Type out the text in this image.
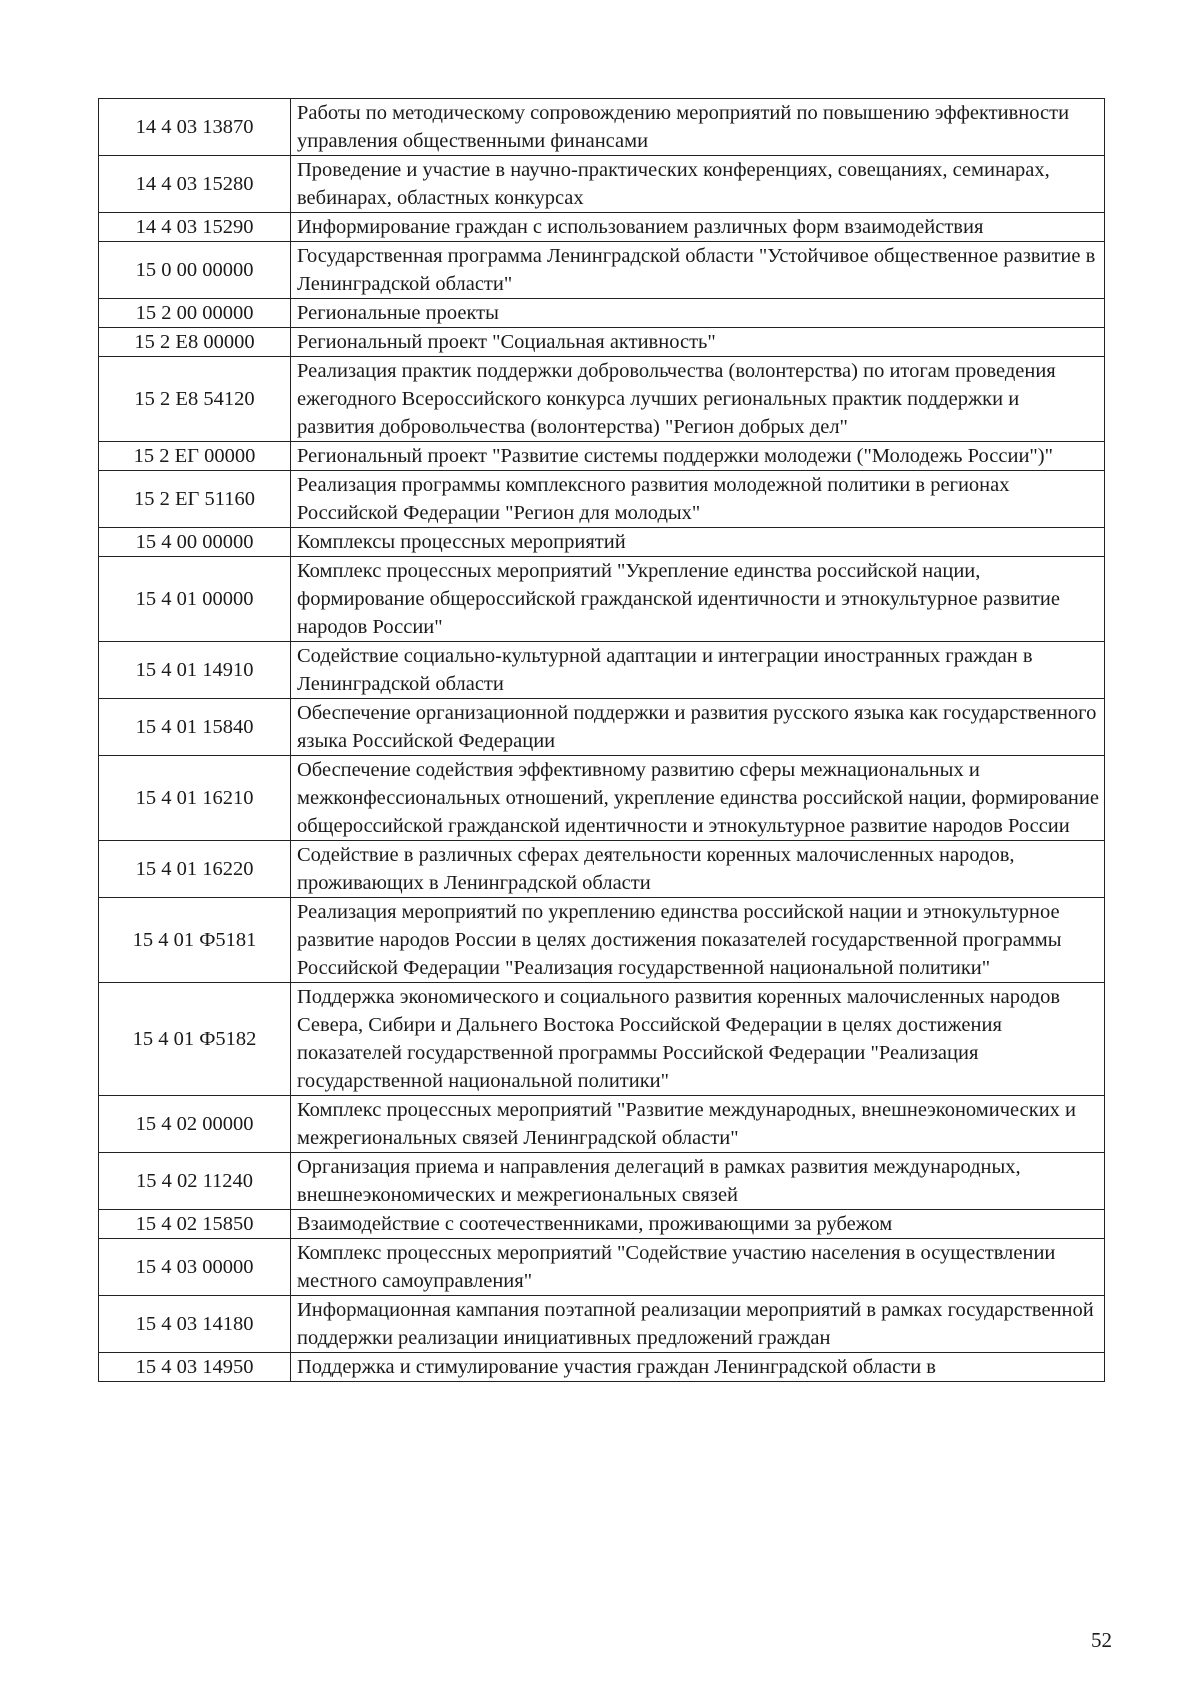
14 4 03 13870	Работы по методическому сопровождению мероприятий по повышению эффективности управления общественными финансами
14 4 03 15280	Проведение и участие в научно-практических конференциях, совещаниях, семинарах, вебинарах, областных конкурсах
14 4 03 15290	Информирование граждан с использованием различных форм взаимодействия
15 0 00 00000	Государственная программа Ленинградской области "Устойчивое общественное развитие в Ленинградской области"
15 2 00 00000	Региональные проекты
15 2 Е8 00000	Региональный проект "Социальная активность"
15 2 Е8 54120	Реализация практик поддержки добровольчества (волонтерства) по итогам проведения ежегодного Всероссийского конкурса лучших региональных практик поддержки и развития добровольчества (волонтерства) "Регион добрых дел"
15 2 ЕГ 00000	Региональный проект "Развитие системы поддержки молодежи ("Молодежь России")"
15 2 ЕГ 51160	Реализация программы комплексного развития молодежной политики в регионах Российской Федерации "Регион для молодых"
15 4 00 00000	Комплексы процессных мероприятий
15 4 01 00000	Комплекс процессных мероприятий "Укрепление единства российской нации, формирование общероссийской гражданской идентичности и этнокультурное развитие народов России"
15 4 01 14910	Содействие социально-культурной адаптации и интеграции иностранных граждан в Ленинградской области
15 4 01 15840	Обеспечение организационной поддержки и развития русского языка как государственного языка Российской Федерации
15 4 01 16210	Обеспечение содействия эффективному развитию сферы межнациональных и межконфессиональных отношений, укрепление единства российской нации, формирование общероссийской гражданской идентичности и этнокультурное развитие народов России
15 4 01 16220	Содействие в различных сферах деятельности коренных малочисленных народов, проживающих в Ленинградской области
15 4 01 Ф5181	Реализация мероприятий по укреплению единства российской нации и этнокультурное развитие народов России в целях достижения показателей государственной программы Российской Федерации "Реализация государственной национальной политики"
15 4 01 Ф5182	Поддержка экономического и социального развития коренных малочисленных народов Севера, Сибири и Дальнего Востока Российской Федерации в целях достижения показателей государственной программы Российской Федерации "Реализация государственной национальной политики"
15 4 02 00000	Комплекс процессных мероприятий "Развитие международных, внешнеэкономических и межрегиональных связей Ленинградской области"
15 4 02 11240	Организация приема и направления делегаций в рамках развития международных, внешнеэкономических и межрегиональных связей
15 4 02 15850	Взаимодействие с соотечественниками, проживающими за рубежом
15 4 03 00000	Комплекс процессных мероприятий "Содействие участию населения в осуществлении местного самоуправления"
15 4 03 14180	Информационная кампания поэтапной реализации мероприятий в рамках государственной поддержки реализации инициативных предложений граждан
15 4 03 14950	Поддержка и стимулирование участия граждан Ленинградской области в
52
